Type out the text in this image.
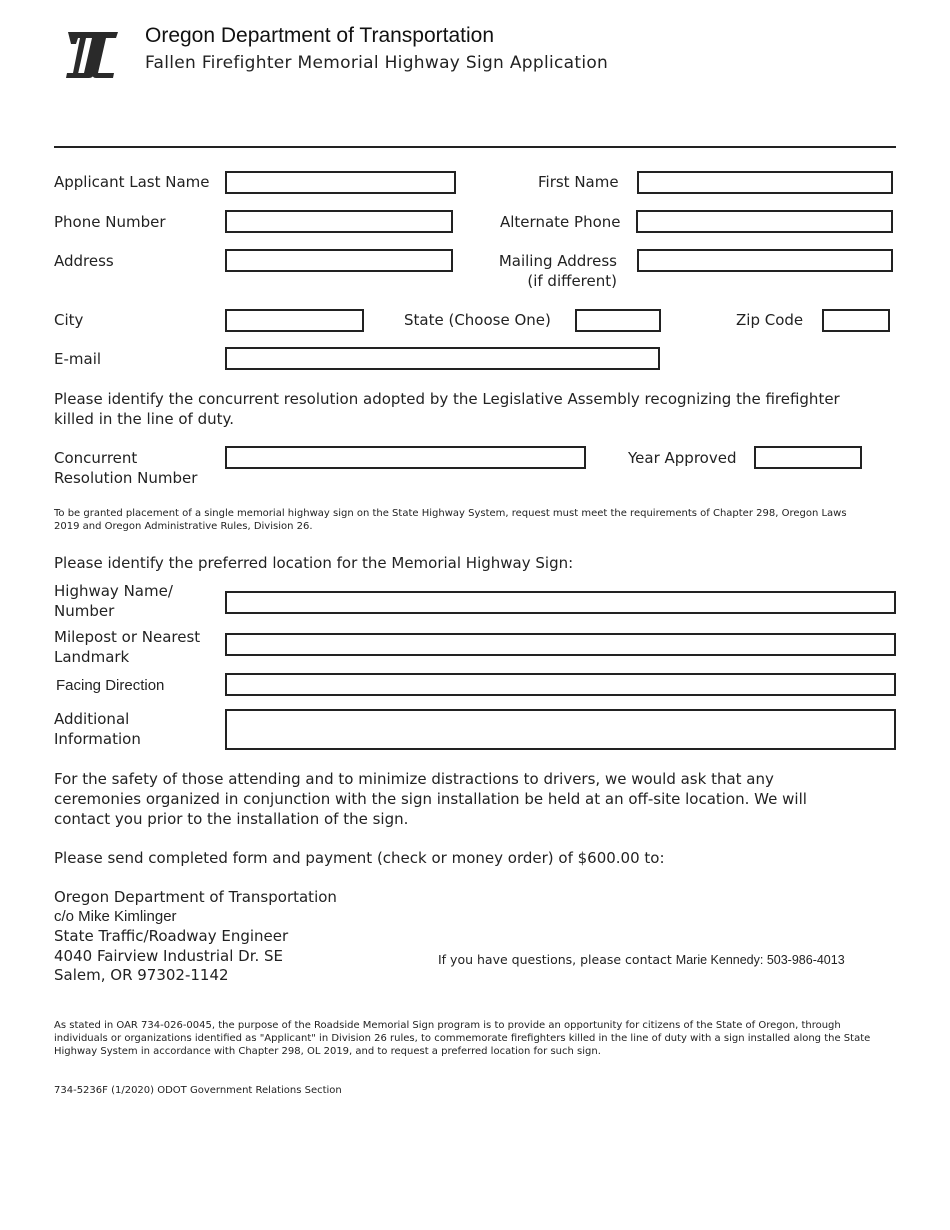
Oregon Department of Transportation
Fallen Firefighter Memorial Highway Sign Application
Applicant Last Name	First Name
Phone Number	Alternate Phone
Address	Mailing Address
(if different)
City	State (Choose One)	Zip Code
E-mail
Please identify the concurrent resolution adopted by the Legislative Assembly recognizing the firefighter killed in the line of duty.
Concurrent
Resolution Number
Year Approved
To be granted placement of a single memorial highway sign on the State Highway System, request must meet the requirements of Chapter 298, Oregon Laws 2019 and Oregon Administrative Rules, Division 26.
Please identify the preferred location for the Memorial Highway Sign:
Highway Name/
Number
Milepost or Nearest
Landmark
Facing Direction
Additional
Information
For the safety of those attending and to minimize distractions to drivers, we would ask that any ceremonies organized in conjunction with the sign installation be held at an off-site location. We will contact you prior to the installation of the sign.
Please send completed form and payment (check or money order) of $600.00 to:
Oregon Department of Transportation
c/o Mike Kimlinger
State Traffic/Roadway Engineer
4040 Fairview Industrial Dr. SE
Salem, OR 97302-1142
If you have questions, please contact Marie Kennedy: 503-986-4013
As stated in OAR 734-026-0045, the purpose of the Roadside Memorial Sign program is to provide an opportunity for citizens of the State of Oregon, through individuals or organizations identified as "Applicant" in Division 26 rules, to commemorate firefighters killed in the line of duty with a sign installed along the State Highway System in accordance with Chapter 298, OL 2019, and to request a preferred location for such sign.
734-5236F (1/2020) ODOT Government Relations Section
